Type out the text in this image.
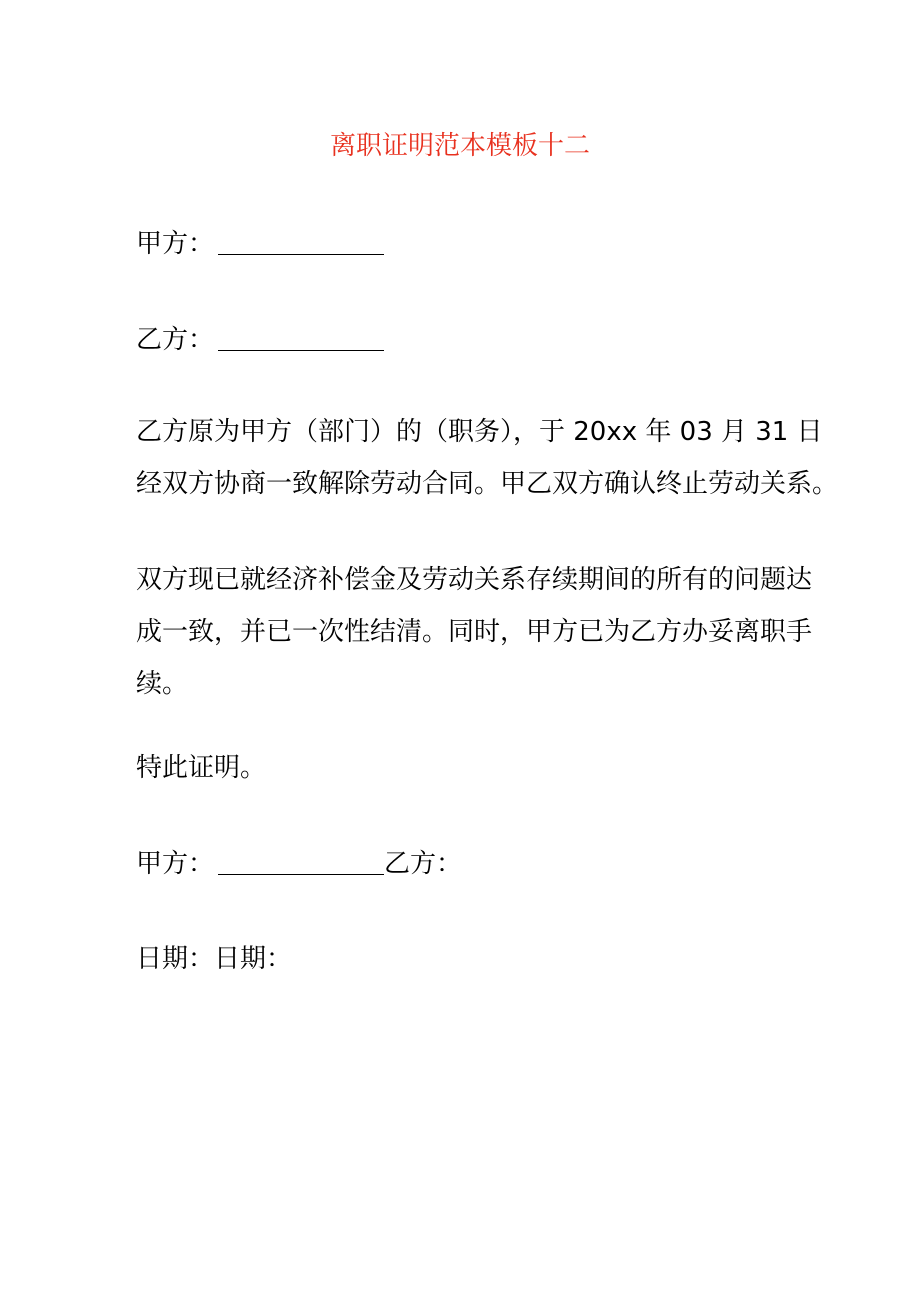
离职证明范本模板十二
甲方：
乙方：
乙方原为甲方（部门）的（职务），于 20xx 年 03 月 31 日
经双方协商一致解除劳动合同。甲乙双方确认终止劳动关系。
双方现已就经济补偿金及劳动关系存续期间的所有的问题达
成一致，并已一次性结清。同时，甲方已为乙方办妥离职手
续。
特此证明。
甲方：	乙方：
日期：日期：
